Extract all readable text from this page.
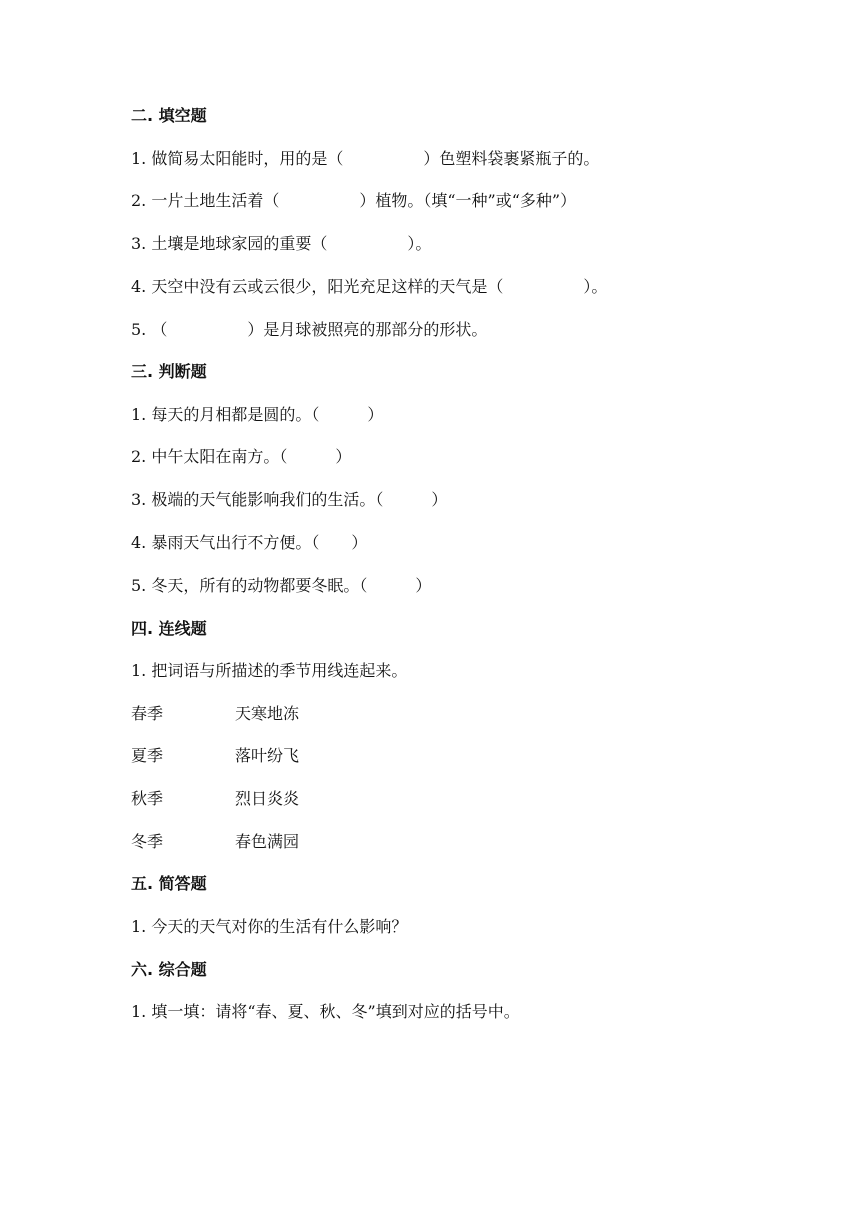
二. 填空题
1. 做简易太阳能时，用的是（　　　　　）色塑料袋裹紧瓶子的。
2. 一片土地生活着（　　　　　）植物。（填“一种”或“多种”）
3. 土壤是地球家园的重要（　　　　　）。
4. 天空中没有云或云很少，阳光充足这样的天气是（　　　　　）。
5. （　　　　　）是月球被照亮的那部分的形状。
三. 判断题
1. 每天的月相都是圆的。（　　　）
2. 中午太阳在南方。（　　　）
3. 极端的天气能影响我们的生活。（　　　）
4. 暴雨天气出行不方便。（　　）
5. 冬天，所有的动物都要冬眠。（　　　）
四. 连线题
1. 把词语与所描述的季节用线连起来。
春季	天寒地冻
夏季	落叶纷飞
秋季	烈日炎炎
冬季	春色满园
五. 简答题
1. 今天的天气对你的生活有什么影响？
六. 综合题
1. 填一填：请将“春、夏、秋、冬”填到对应的括号中。
